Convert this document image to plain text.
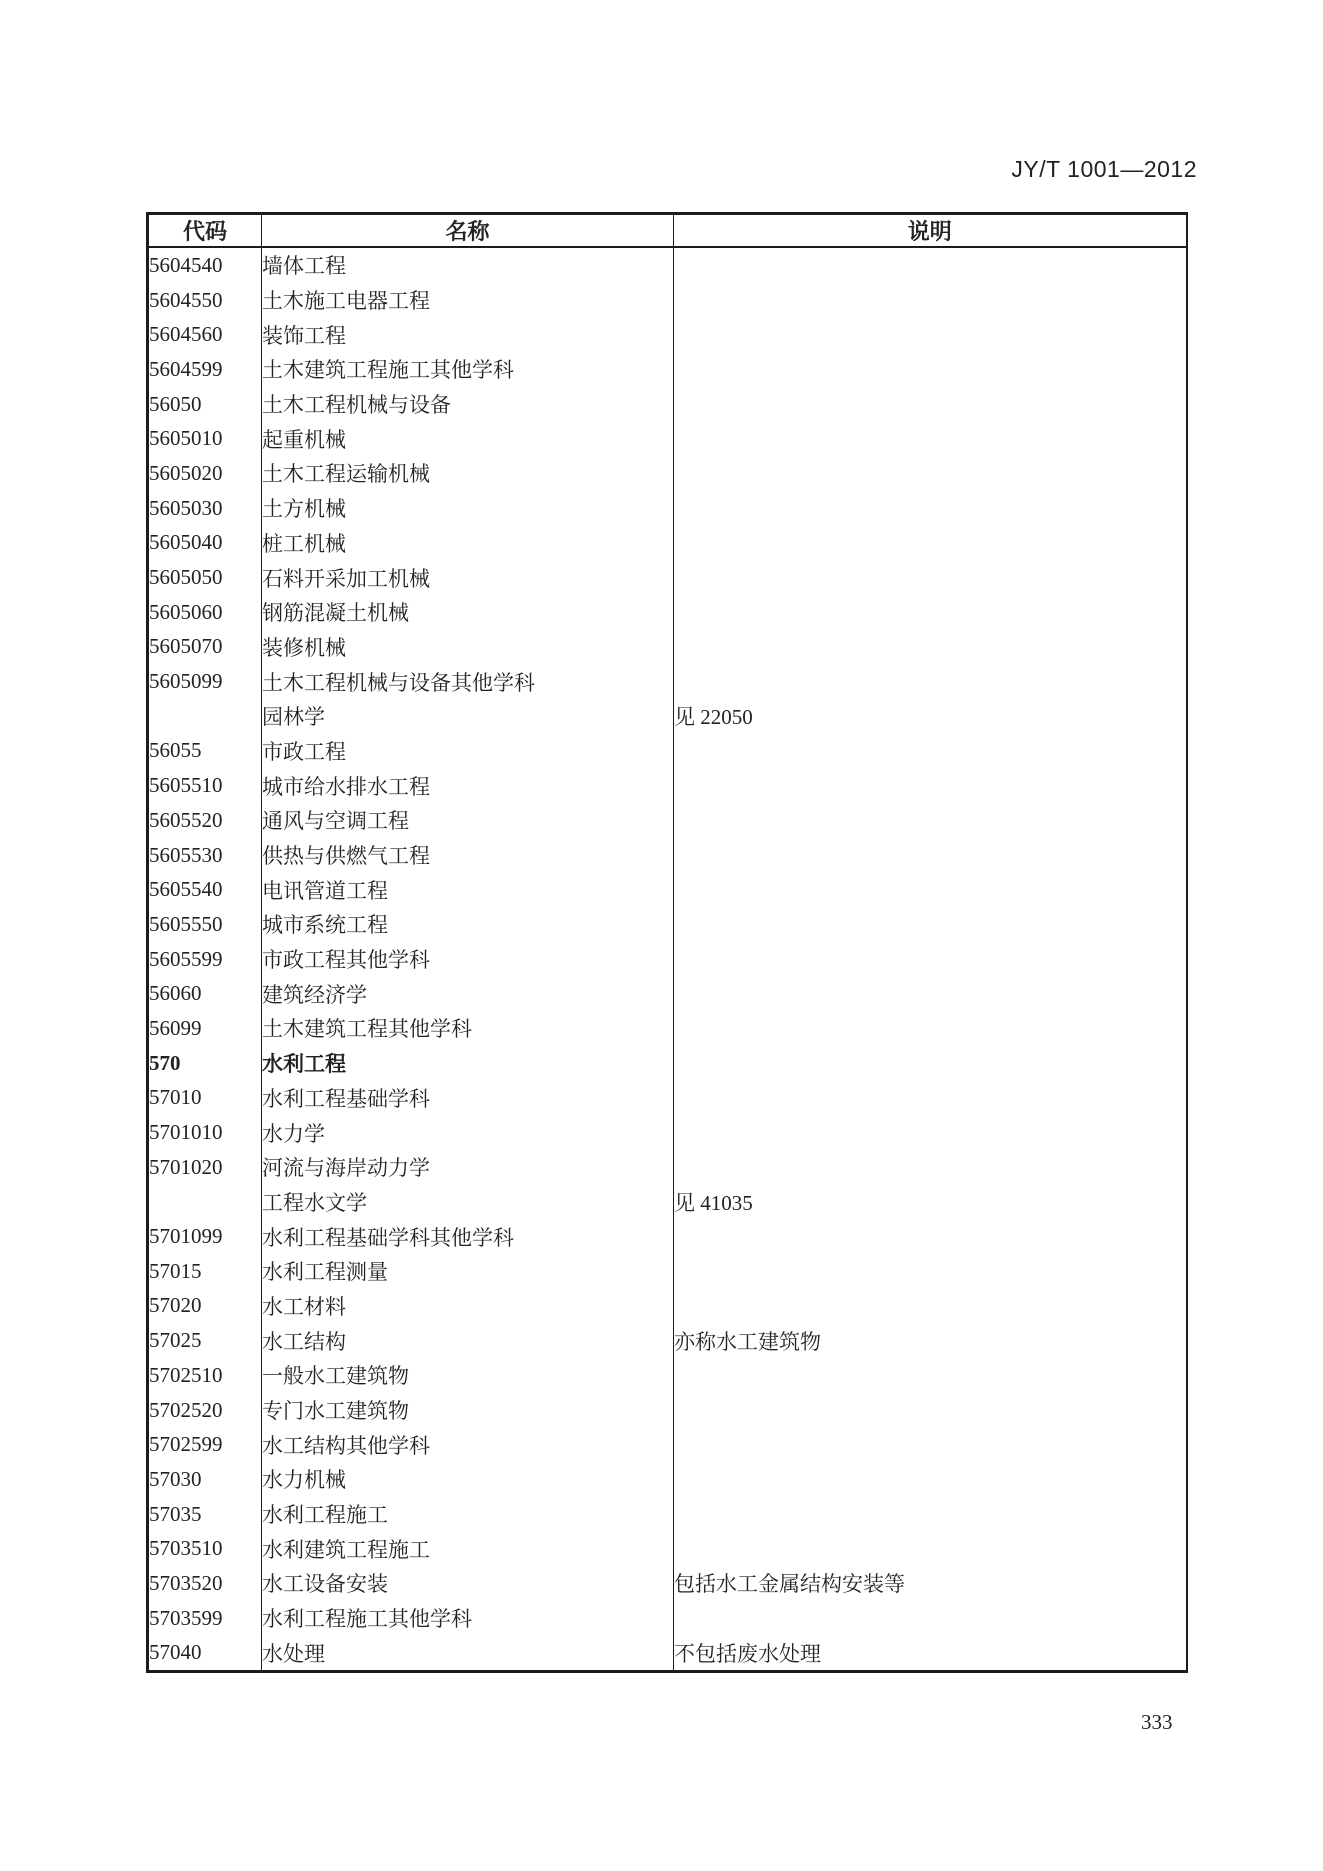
JY/T 1001—2012
代码	名称	说明
5604540	墙体工程	
5604550	土木施工电器工程	
5604560	装饰工程	
5604599	土木建筑工程施工其他学科	
56050	土木工程机械与设备	
5605010	起重机械	
5605020	土木工程运输机械	
5605030	土方机械	
5605040	桩工机械	
5605050	石料开采加工机械	
5605060	钢筋混凝土机械	
5605070	装修机械	
5605099	土木工程机械与设备其他学科	
	园林学	见 22050
56055	市政工程	
5605510	城市给水排水工程	
5605520	通风与空调工程	
5605530	供热与供燃气工程	
5605540	电讯管道工程	
5605550	城市系统工程	
5605599	市政工程其他学科	
56060	建筑经济学	
56099	土木建筑工程其他学科	
570	水利工程	
57010	水利工程基础学科	
5701010	水力学	
5701020	河流与海岸动力学	
	工程水文学	见 41035
5701099	水利工程基础学科其他学科	
57015	水利工程测量	
57020	水工材料	
57025	水工结构	亦称水工建筑物
5702510	一般水工建筑物	
5702520	专门水工建筑物	
5702599	水工结构其他学科	
57030	水力机械	
57035	水利工程施工	
5703510	水利建筑工程施工	
5703520	水工设备安装	包括水工金属结构安装等
5703599	水利工程施工其他学科	
57040	水处理	不包括废水处理
333
